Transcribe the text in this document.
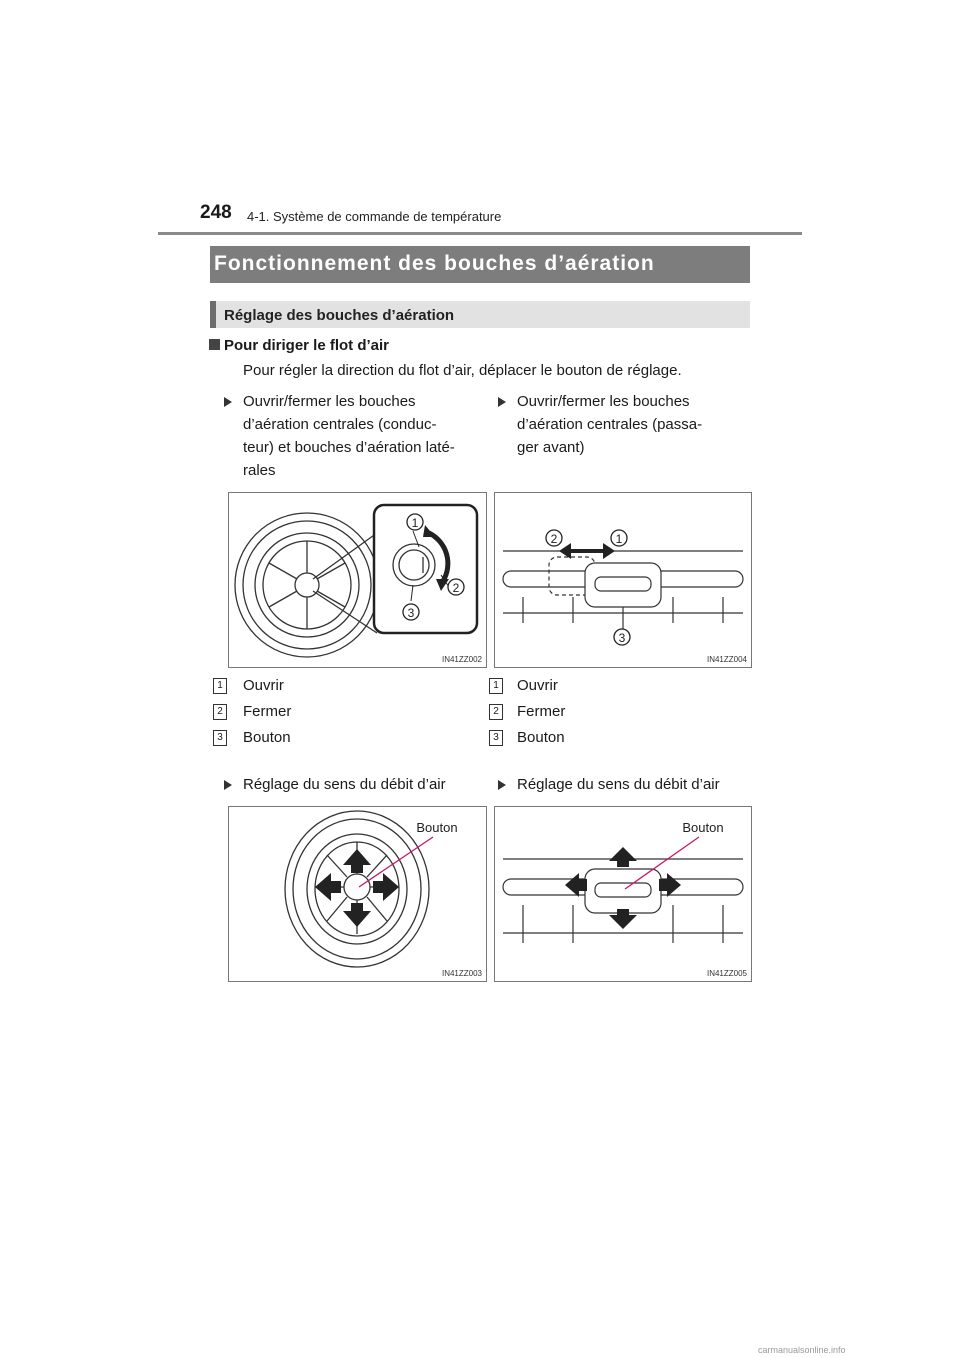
248 4-1. Système de commande de température
Fonctionnement des bouches d’aération
Réglage des bouches d’aération
Pour diriger le flot d’air
Pour régler la direction du flot d’air, déplacer le bouton de réglage.
Ouvrir/fermer les bouches
d’aération centrales (conduc-
teur) et bouches d’aération laté-
rales
Ouvrir/fermer les bouches
d’aération centrales (passa-
ger avant)
1
2
3
IN41ZZ002
2	1
3
IN41ZZ004
1 Ouvrir
2 Fermer
3 Bouton
1 Ouvrir
2 Fermer
3 Bouton
Réglage du sens du débit d’air	Réglage du sens du débit d’air
Bouton
IN41ZZ003
Bouton
IN41ZZ005
carmanualsonline.info
